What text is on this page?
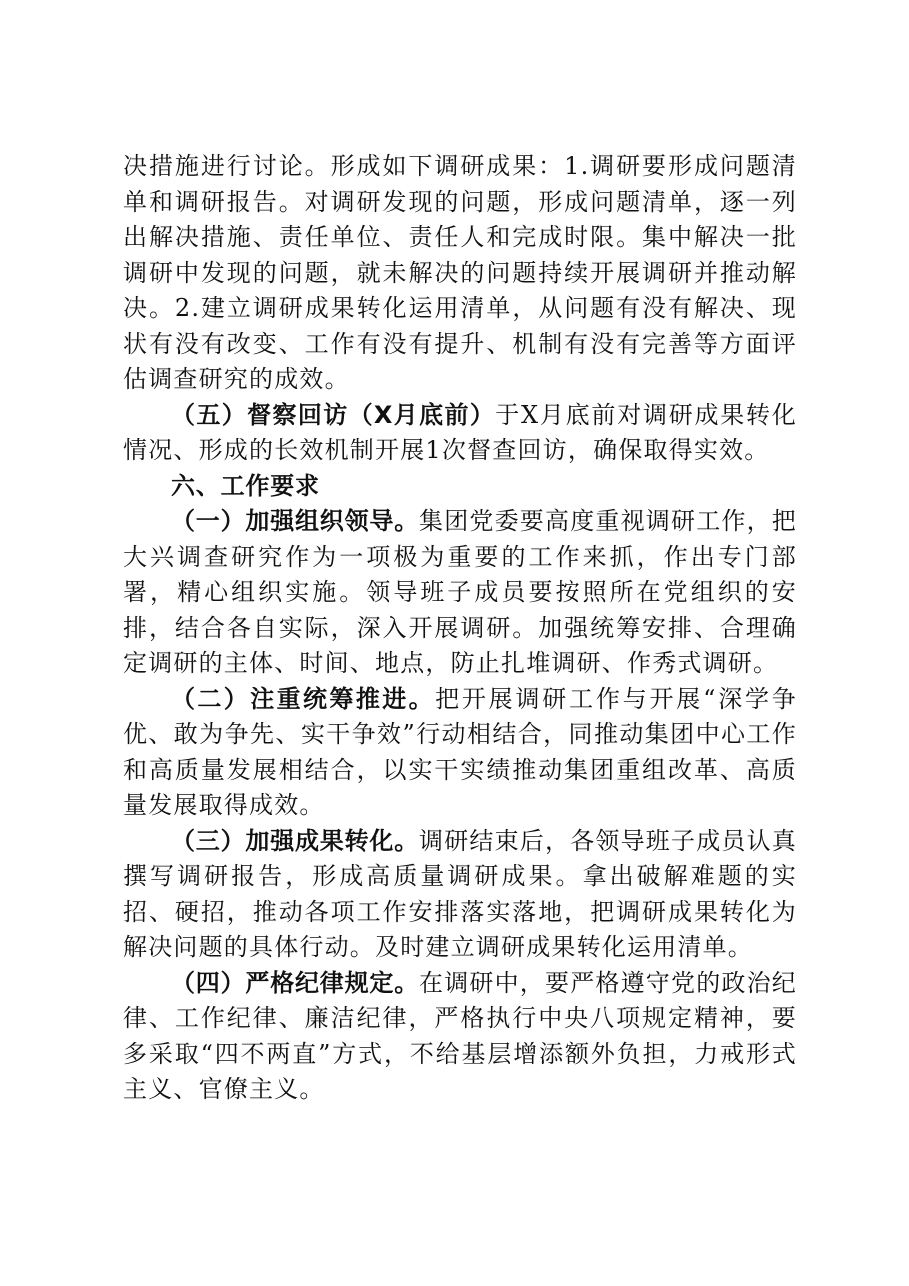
决措施进行讨论。形成如下调研成果：1.调研要形成问题清单和调研报告。对调研发现的问题，形成问题清单，逐一列出解决措施、责任单位、责任人和完成时限。集中解决一批调研中发现的问题，就未解决的问题持续开展调研并推动解决。2.建立调研成果转化运用清单，从问题有没有解决、现状有没有改变、工作有没有提升、机制有没有完善等方面评估调查研究的成效。

（五）督察回访（X月底前）于X月底前对调研成果转化情况、形成的长效机制开展1次督查回访，确保取得实效。

六、工作要求

（一）加强组织领导。集团党委要高度重视调研工作，把大兴调查研究作为一项极为重要的工作来抓，作出专门部署，精心组织实施。领导班子成员要按照所在党组织的安排，结合各自实际，深入开展调研。加强统筹安排、合理确定调研的主体、时间、地点，防止扎堆调研、作秀式调研。

（二）注重统筹推进。把开展调研工作与开展“深学争优、敢为争先、实干争效”行动相结合，同推动集团中心工作和高质量发展相结合，以实干实绩推动集团重组改革、高质量发展取得成效。

（三）加强成果转化。调研结束后，各领导班子成员认真撰写调研报告，形成高质量调研成果。拿出破解难题的实招、硬招，推动各项工作安排落实落地，把调研成果转化为解决问题的具体行动。及时建立调研成果转化运用清单。

（四）严格纪律规定。在调研中，要严格遵守党的政治纪律、工作纪律、廉洁纪律，严格执行中央八项规定精神，要多采取“四不两直”方式，不给基层增添额外负担，力戒形式主义、官僚主义。
